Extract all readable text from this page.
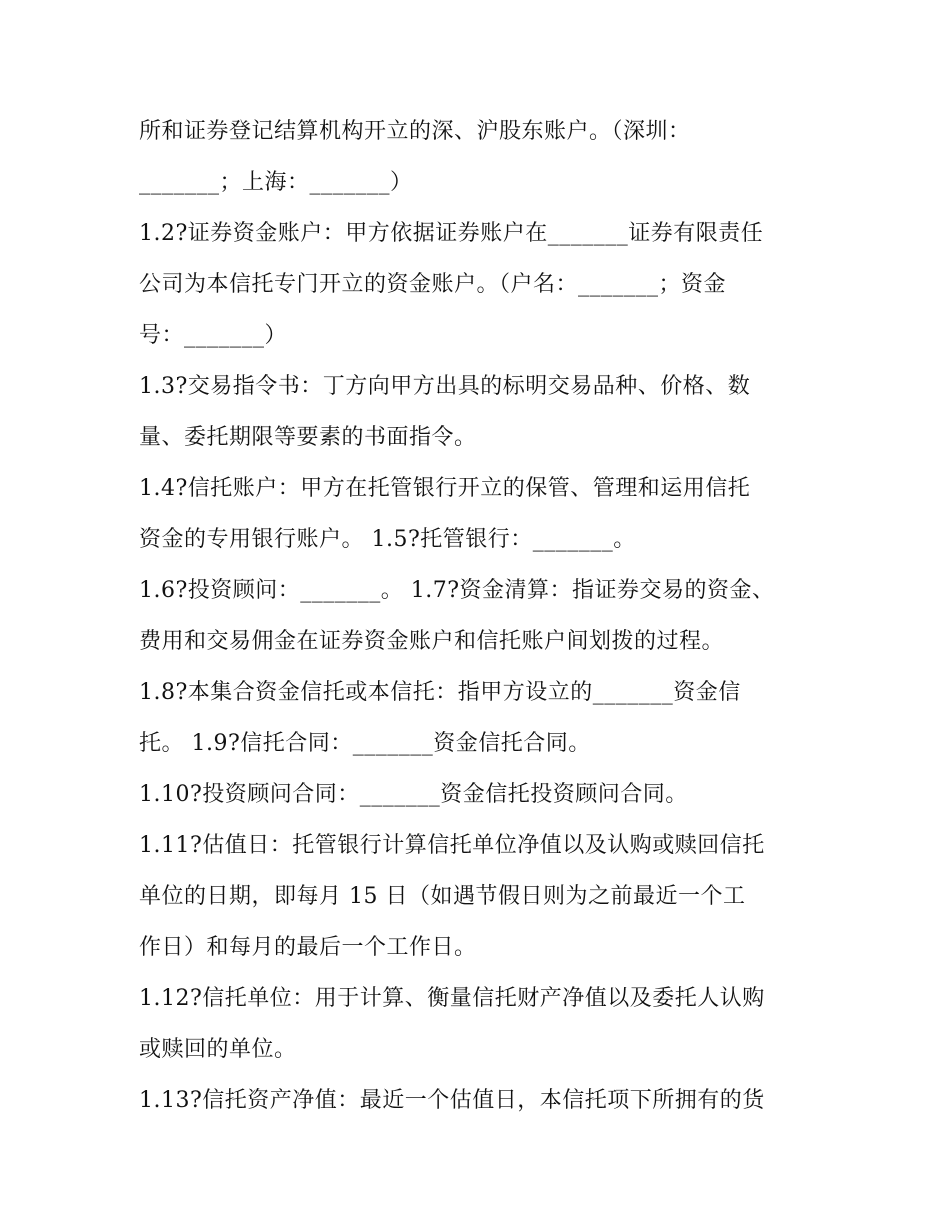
所和证券登记结算机构开立的深、沪股东账户。（深圳：
_______；上海：_______）
1.2?证券资金账户：甲方依据证券账户在_______证券有限责任
公司为本信托专门开立的资金账户。（户名：_______；资金
号：_______）
1.3?交易指令书：丁方向甲方出具的标明交易品种、价格、数
量、委托期限等要素的书面指令。
1.4?信托账户：甲方在托管银行开立的保管、管理和运用信托
资金的专用银行账户。 1.5?托管银行：_______。
1.6?投资顾问：_______。 1.7?资金清算：指证券交易的资金、
费用和交易佣金在证券资金账户和信托账户间划拨的过程。
1.8?本集合资金信托或本信托：指甲方设立的_______资金信
托。 1.9?信托合同：_______资金信托合同。
1.10?投资顾问合同：_______资金信托投资顾问合同。
1.11?估值日：托管银行计算信托单位净值以及认购或赎回信托
单位的日期，即每月 15 日（如遇节假日则为之前最近一个工
作日）和每月的最后一个工作日。
1.12?信托单位：用于计算、衡量信托财产净值以及委托人认购
或赎回的单位。
1.13?信托资产净值：最近一个估值日，本信托项下所拥有的货
